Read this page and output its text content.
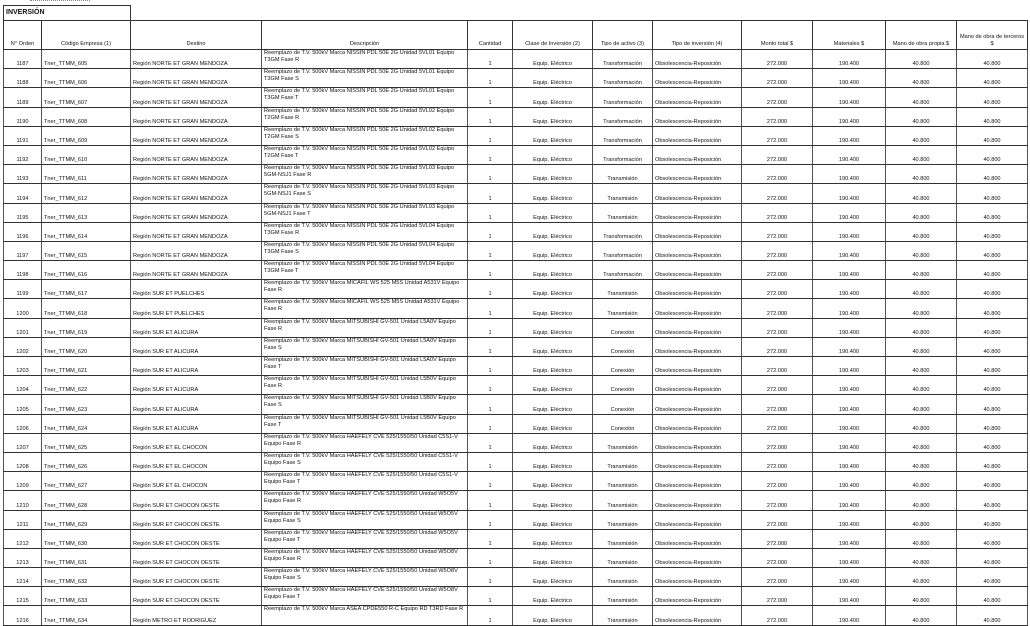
INVERSIÓN
N° Orden	Código Empresa (1)	Destino	Descripción	Cantidad	Clase de Inversión (2)	Tipo de activo (3)	Tipo de inversión (4)	Monto total $	Materiales $	Mano de obra propia $	Mano de obra de terceros $
1187	Tner_TTMM_605	Región NORTE ET GRAN MENDOZA	Reemplazo de T.V. 500kV Marca NISSIN PDL 50E 2G Unidad 5VL01 Equipo T3GM Fase R	1	Equip. Eléctrico	Transformación	Obsolescencia-Reposición	272.000	190.400	40.800	40.800
1188	Tner_TTMM_606	Región NORTE ET GRAN MENDOZA	Reemplazo de T.V. 500kV Marca NISSIN PDL 50E 2G Unidad 5VL01 Equipo T3GM Fase S	1	Equip. Eléctrico	Transformación	Obsolescencia-Reposición	272.000	190.400	40.800	40.800
1189	Tner_TTMM_607	Región NORTE ET GRAN MENDOZA	Reemplazo de T.V. 500kV Marca NISSIN PDL 50E 2G Unidad 5VL01 Equipo T3GM Fase T	1	Equip. Eléctrico	Transformación	Obsolescencia-Reposición	272.000	190.400	40.800	40.800
1190	Tner_TTMM_608	Región NORTE ET GRAN MENDOZA	Reemplazo de T.V. 500kV Marca NISSIN PDL 50E 2G Unidad 5VL02 Equipo T2GM Fase R	1	Equip. Eléctrico	Transformación	Obsolescencia-Reposición	272.000	190.400	40.800	40.800
1191	Tner_TTMM_609	Región NORTE ET GRAN MENDOZA	Reemplazo de T.V. 500kV Marca NISSIN PDL 50E 2G Unidad 5VL02 Equipo T2GM Fase S	1	Equip. Eléctrico	Transformación	Obsolescencia-Reposición	272.000	190.400	40.800	40.800
1192	Tner_TTMM_610	Región NORTE ET GRAN MENDOZA	Reemplazo de T.V. 500kV Marca NISSIN PDL 50E 2G Unidad 5VL02 Equipo T2GM Fase T	1	Equip. Eléctrico	Transformación	Obsolescencia-Reposición	272.000	190.400	40.800	40.800
1193	Tner_TTMM_611	Región NORTE ET GRAN MENDOZA	Reemplazo de T.V. 500kV Marca NISSIN PDL 50E 2G Unidad 5VL03 Equipo 5GM-NSJ1 Fase R	1	Equip. Eléctrico	Transmisión	Obsolescencia-Reposición	272.000	190.400	40.800	40.800
1194	Tner_TTMM_612	Región NORTE ET GRAN MENDOZA	Reemplazo de T.V. 500kV Marca NISSIN PDL 50E 2G Unidad 5VL03 Equipo 5GM-NSJ1 Fase S	1	Equip. Eléctrico	Transmisión	Obsolescencia-Reposición	272.000	190.400	40.800	40.800
1195	Tner_TTMM_613	Región NORTE ET GRAN MENDOZA	Reemplazo de T.V. 500kV Marca NISSIN PDL 50E 2G Unidad 5VL03 Equipo 5GM-NSJ1 Fase T	1	Equip. Eléctrico	Transmisión	Obsolescencia-Reposición	272.000	190.400	40.800	40.800
1196	Tner_TTMM_614	Región NORTE ET GRAN MENDOZA	Reemplazo de T.V. 500kV Marca NISSIN PDL 50E 2G Unidad 5VL04 Equipo T3GM Fase R	1	Equip. Eléctrico	Transformación	Obsolescencia-Reposición	272.000	190.400	40.800	40.800
1197	Tner_TTMM_615	Región NORTE ET GRAN MENDOZA	Reemplazo de T.V. 500kV Marca NISSIN PDL 50E 2G Unidad 5VL04 Equipo T3GM Fase S	1	Equip. Eléctrico	Transformación	Obsolescencia-Reposición	272.000	190.400	40.800	40.800
1198	Tner_TTMM_616	Región NORTE ET GRAN MENDOZA	Reemplazo de T.V. 500kV Marca NISSIN PDL 50E 2G Unidad 5VL04 Equipo T3GM Fase T	1	Equip. Eléctrico	Transformación	Obsolescencia-Reposición	272.000	190.400	40.800	40.800
1199	Tner_TTMM_617	Región SUR ET PUELCHES	Reemplazo de T.V. 500kV Marca MICAFIL WS 525 M5S Unidad A531V Equipo Fase R	1	Equip. Eléctrico	Transmisión	Obsolescencia-Reposición	272.000	190.400	40.800	40.800
1200	Tner_TTMM_618	Región SUR ET PUELCHES	Reemplazo de T.V. 500kV Marca MICAFIL WS 525 M5S Unidad A531V Equipo Fase R	1	Equip. Eléctrico	Transmisión	Obsolescencia-Reposición	272.000	190.400	40.800	40.800
1201	Tner_TTMM_619	Región SUR ET ALICURA	Reemplazo de T.V. 500kV Marca MITSUBISHI GV-501 Unidad L5A0V Equipo Fase R	1	Equip. Eléctrico	Conexión	Obsolescencia-Reposición	272.000	190.400	40.800	40.800
1202	Tner_TTMM_620	Región SUR ET ALICURA	Reemplazo de T.V. 500kV Marca MITSUBISHI GV-501 Unidad L5A0V Equipo Fase S	1	Equip. Eléctrico	Conexión	Obsolescencia-Reposición	272.000	190.400	40.800	40.800
1203	Tner_TTMM_621	Región SUR ET ALICURA	Reemplazo de T.V. 500kV Marca MITSUBISHI GV-501 Unidad L5A0V Equipo Fase T	1	Equip. Eléctrico	Conexión	Obsolescencia-Reposición	272.000	190.400	40.800	40.800
1204	Tner_TTMM_622	Región SUR ET ALICURA	Reemplazo de T.V. 500kV Marca MITSUBISHI GV-501 Unidad L5B0V Equipo Fase R	1	Equip. Eléctrico	Conexión	Obsolescencia-Reposición	272.000	190.400	40.800	40.800
1205	Tner_TTMM_623	Región SUR ET ALICURA	Reemplazo de T.V. 500kV Marca MITSUBISHI GV-501 Unidad L5B0V Equipo Fase S	1	Equip. Eléctrico	Conexión	Obsolescencia-Reposición	272.000	190.400	40.800	40.800
1206	Tner_TTMM_624	Región SUR ET ALICURA	Reemplazo de T.V. 500kV Marca MITSUBISHI GV-501 Unidad L5B0V Equipo Fase T	1	Equip. Eléctrico	Conexión	Obsolescencia-Reposición	272.000	190.400	40.800	40.800
1207	Tner_TTMM_625	Región SUR ET EL CHOCON	Reemplazo de T.V. 500kV Marca HAEFELY CVE 525/1550/50 Unidad C5S1-V Equipo Fase R	1	Equip. Eléctrico	Transmisión	Obsolescencia-Reposición	272.000	190.400	40.800	40.800
1208	Tner_TTMM_626	Región SUR ET EL CHOCON	Reemplazo de T.V. 500kV Marca HAEFELY CVE 525/1550/50 Unidad C5S1-V Equipo Fase S	1	Equip. Eléctrico	Transmisión	Obsolescencia-Reposición	272.000	190.400	40.800	40.800
1209	Tner_TTMM_627	Región SUR ET EL CHOCON	Reemplazo de T.V. 500kV Marca HAEFELY CVE 525/1550/50 Unidad C5S1-V Equipo Fase T	1	Equip. Eléctrico	Transmisión	Obsolescencia-Reposición	272.000	190.400	40.800	40.800
1210	Tner_TTMM_628	Región SUR ET CHOCON OESTE	Reemplazo de T.V. 500kV Marca HAEFELY CVE 525/1550/50 Unidad W5O5V Equipo Fase R	1	Equip. Eléctrico	Transmisión	Obsolescencia-Reposición	272.000	190.400	40.800	40.800
1211	Tner_TTMM_629	Región SUR ET CHOCON OESTE	Reemplazo de T.V. 500kV Marca HAEFELY CVE 525/1550/50 Unidad W5O5V Equipo Fase S	1	Equip. Eléctrico	Transmisión	Obsolescencia-Reposición	272.000	190.400	40.800	40.800
1212	Tner_TTMM_630	Región SUR ET CHOCON OESTE	Reemplazo de T.V. 500kV Marca HAEFELY CVE 525/1550/50 Unidad W5O5V Equipo Fase T	1	Equip. Eléctrico	Transmisión	Obsolescencia-Reposición	272.000	190.400	40.800	40.800
1213	Tner_TTMM_631	Región SUR ET CHOCON OESTE	Reemplazo de T.V. 500kV Marca HAEFELY CVE 525/1550/50 Unidad W5O8V Equipo Fase R	1	Equip. Eléctrico	Transmisión	Obsolescencia-Reposición	272.000	190.400	40.800	40.800
1214	Tner_TTMM_632	Región SUR ET CHOCON OESTE	Reemplazo de T.V. 500kV Marca HAEFELY CVE 525/1550/50 Unidad W5O8V Equipo Fase S	1	Equip. Eléctrico	Transmisión	Obsolescencia-Reposición	272.000	190.400	40.800	40.800
1215	Tner_TTMM_633	Región SUR ET CHOCON OESTE	Reemplazo de T.V. 500kV Marca HAEFELY CVE 525/1550/50 Unidad W5O8V Equipo Fase T	1	Equip. Eléctrico	Transmisión	Obsolescencia-Reposición	272.000	190.400	40.800	40.800
1216	Tner_TTMM_634	Región METRO ET RODRIGUEZ	Reemplazo de T.V. 500kV Marca ASEA CPDE550 R-C Equipo RD T3RD Fase R	1	Equip. Eléctrico	Transmisión	Obsolescencia-Reposición	272.000	190.400	40.800	40.800
